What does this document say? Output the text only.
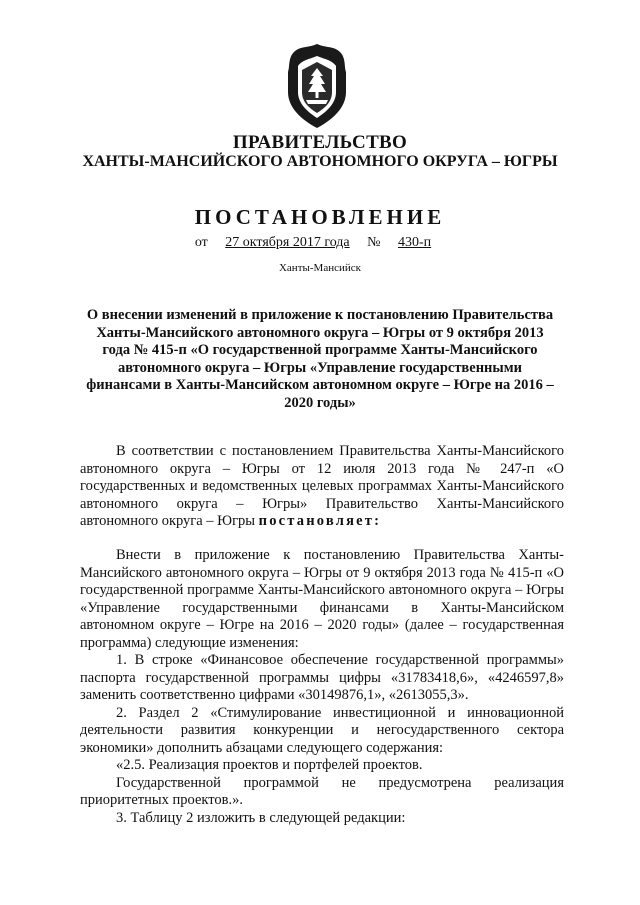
ПРАВИТЕЛЬСТВО
ХАНТЫ-МАНСИЙСКОГО АВТОНОМНОГО ОКРУГА – ЮГРЫ
ПОСТАНОВЛЕНИЕ
от 27 октября 2017 года № 430-п
Ханты-Мансийск
О внесении изменений в приложение к постановлению Правительства Ханты-Мансийского автономного округа – Югры от 9 октября 2013 года № 415-п «О государственной программе Ханты-Мансийского автономного округа – Югры «Управление государственными финансами в Ханты-Мансийском автономном округе – Югре на 2016 – 2020 годы»

В соответствии с постановлением Правительства Ханты-Мансийского автономного округа – Югры от 12 июля 2013 года № 247-п «О государственных и ведомственных целевых программах Ханты-Мансийского автономного округа – Югры» Правительство Ханты-Мансийского автономного округа – Югры постановляет:

Внести в приложение к постановлению Правительства Ханты-Мансийского автономного округа – Югры от 9 октября 2013 года № 415-п «О государственной программе Ханты-Мансийского автономного округа – Югры «Управление государственными финансами в Ханты-Мансийском автономном округе – Югре на 2016 – 2020 годы» (далее – государственная программа) следующие изменения:

1. В строке «Финансовое обеспечение государственной программы» паспорта государственной программы цифры «31783418,6», «4246597,8» заменить соответственно цифрами «30149876,1», «2613055,3».

2. Раздел 2 «Стимулирование инвестиционной и инновационной деятельности развития конкуренции и негосударственного сектора экономики» дополнить абзацами следующего содержания:

«2.5. Реализация проектов и портфелей проектов.

Государственной программой не предусмотрена реализация приоритетных проектов.».

3. Таблицу 2 изложить в следующей редакции:
